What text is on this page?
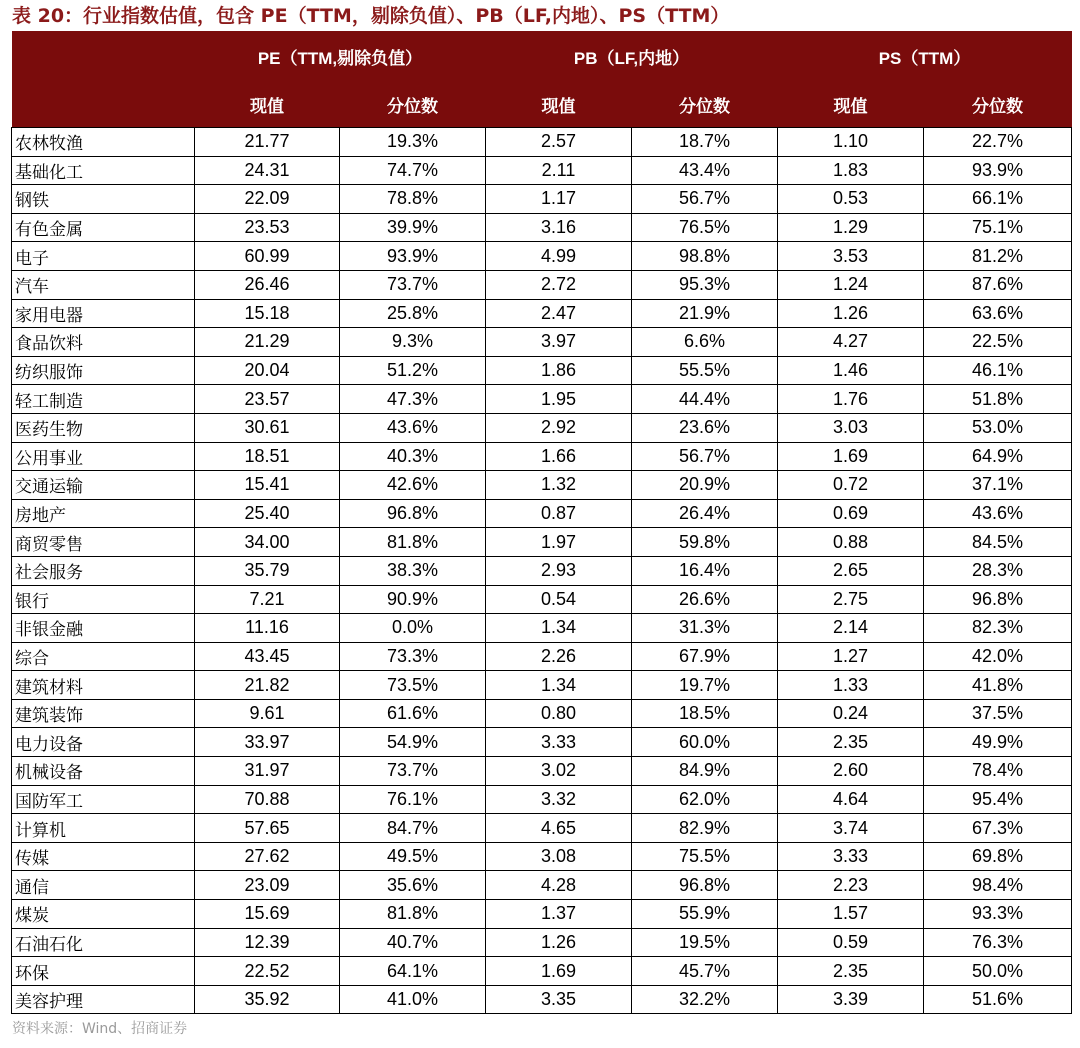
表 20：行业指数估值，包含 PE（TTM，剔除负值）、PB（LF,内地）、PS（TTM）
	PE（TTM,剔除负值）		PB（LF,内地）		PS（TTM）	
	现值	分位数	现值	分位数	现值	分位数
农林牧渔	21.77	19.3%	2.57	18.7%	1.10	22.7%
基础化工	24.31	74.7%	2.11	43.4%	1.83	93.9%
钢铁	22.09	78.8%	1.17	56.7%	0.53	66.1%
有色金属	23.53	39.9%	3.16	76.5%	1.29	75.1%
电子	60.99	93.9%	4.99	98.8%	3.53	81.2%
汽车	26.46	73.7%	2.72	95.3%	1.24	87.6%
家用电器	15.18	25.8%	2.47	21.9%	1.26	63.6%
食品饮料	21.29	9.3%	3.97	6.6%	4.27	22.5%
纺织服饰	20.04	51.2%	1.86	55.5%	1.46	46.1%
轻工制造	23.57	47.3%	1.95	44.4%	1.76	51.8%
医药生物	30.61	43.6%	2.92	23.6%	3.03	53.0%
公用事业	18.51	40.3%	1.66	56.7%	1.69	64.9%
交通运输	15.41	42.6%	1.32	20.9%	0.72	37.1%
房地产	25.40	96.8%	0.87	26.4%	0.69	43.6%
商贸零售	34.00	81.8%	1.97	59.8%	0.88	84.5%
社会服务	35.79	38.3%	2.93	16.4%	2.65	28.3%
银行	7.21	90.9%	0.54	26.6%	2.75	96.8%
非银金融	11.16	0.0%	1.34	31.3%	2.14	82.3%
综合	43.45	73.3%	2.26	67.9%	1.27	42.0%
建筑材料	21.82	73.5%	1.34	19.7%	1.33	41.8%
建筑装饰	9.61	61.6%	0.80	18.5%	0.24	37.5%
电力设备	33.97	54.9%	3.33	60.0%	2.35	49.9%
机械设备	31.97	73.7%	3.02	84.9%	2.60	78.4%
国防军工	70.88	76.1%	3.32	62.0%	4.64	95.4%
计算机	57.65	84.7%	4.65	82.9%	3.74	67.3%
传媒	27.62	49.5%	3.08	75.5%	3.33	69.8%
通信	23.09	35.6%	4.28	96.8%	2.23	98.4%
煤炭	15.69	81.8%	1.37	55.9%	1.57	93.3%
石油石化	12.39	40.7%	1.26	19.5%	0.59	76.3%
环保	22.52	64.1%	1.69	45.7%	2.35	50.0%
美容护理	35.92	41.0%	3.35	32.2%	3.39	51.6%
资料来源：Wind、招商证券
